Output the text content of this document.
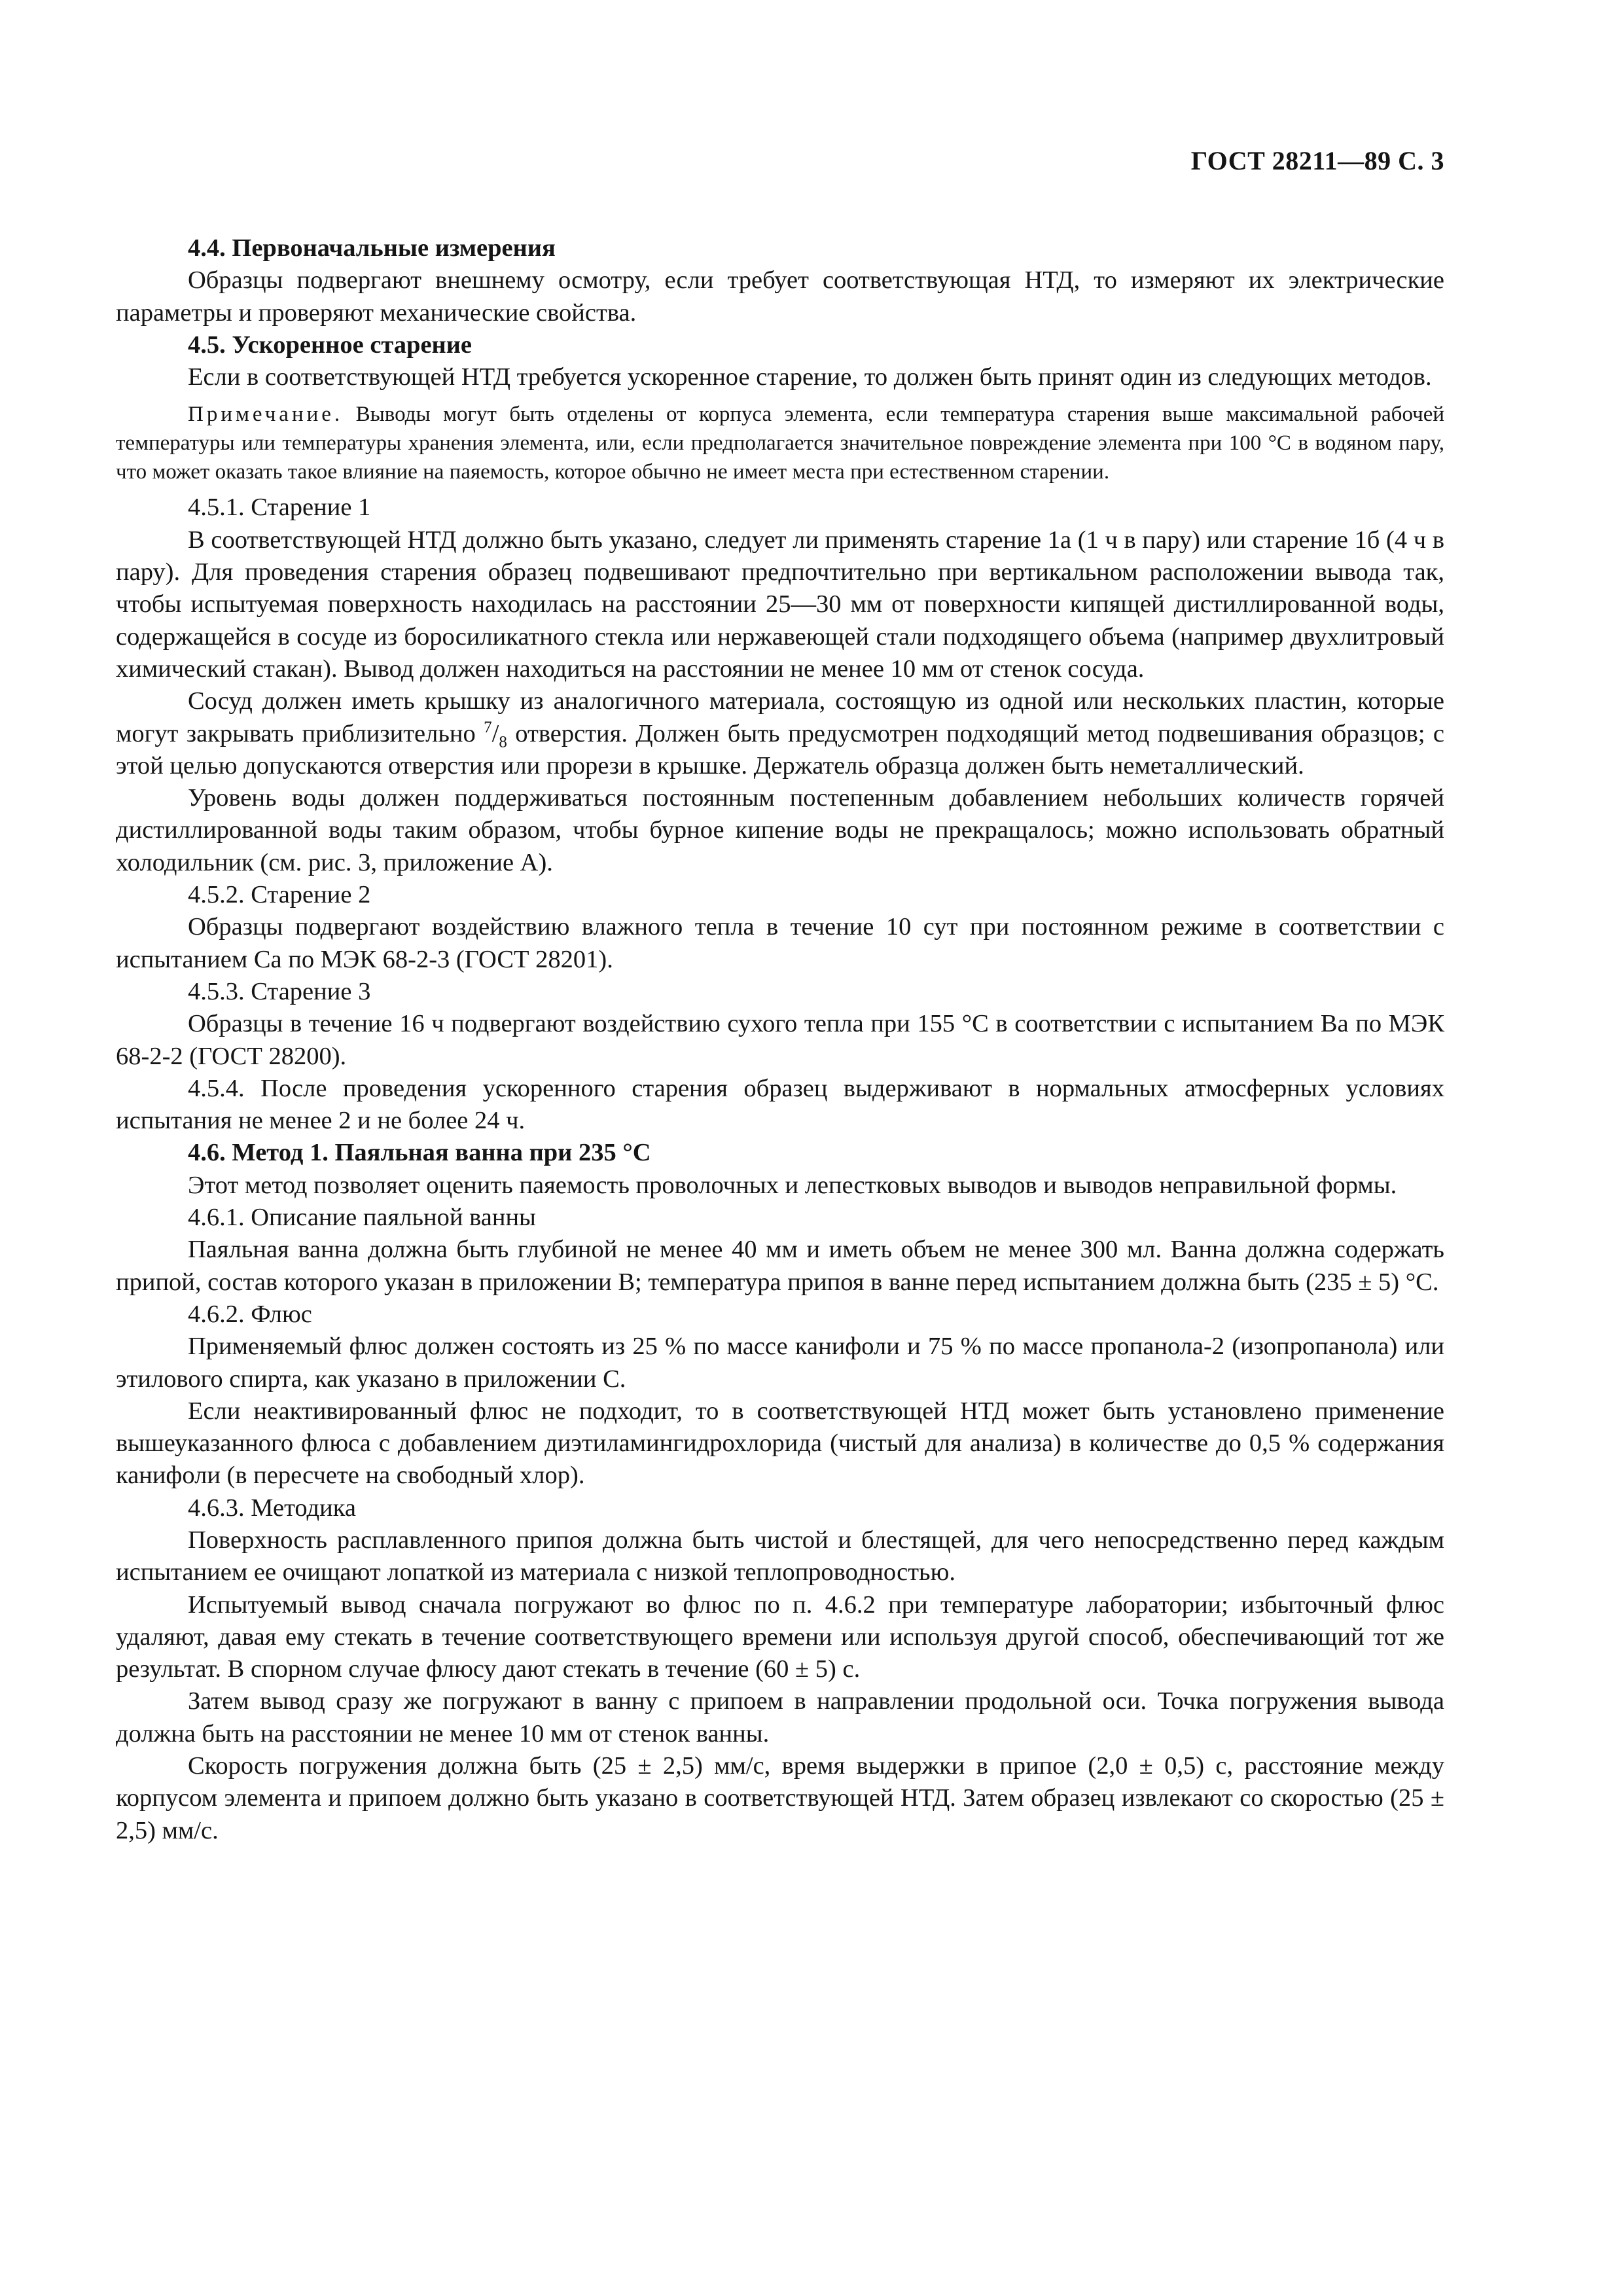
ГОСТ 28211—89 С. 3

4.4. Первоначальные измерения

Образцы подвергают внешнему осмотру, если требует соответствующая НТД, то измеряют их электрические параметры и проверяют механические свойства.

4.5. Ускоренное старение

Если в соответствующей НТД требуется ускоренное старение, то должен быть принят один из следующих методов.

Примечание. Выводы могут быть отделены от корпуса элемента, если температура старения выше максимальной рабочей температуры или температуры хранения элемента, или, если предполагается значительное повреждение элемента при 100 °С в водяном пару, что может оказать такое влияние на паяемость, которое обычно не имеет места при естественном старении.

4.5.1. Старение 1

В соответствующей НТД должно быть указано, следует ли применять старение 1а (1 ч в пару) или старение 1б (4 ч в пару). Для проведения старения образец подвешивают предпочтительно при вертикальном расположении вывода так, чтобы испытуемая поверхность находилась на расстоянии 25—30 мм от поверхности кипящей дистиллированной воды, содержащейся в сосуде из боросиликатного стекла или нержавеющей стали подходящего объема (например двухлитровый химический стакан). Вывод должен находиться на расстоянии не менее 10 мм от стенок сосуда.

Сосуд должен иметь крышку из аналогичного материала, состоящую из одной или нескольких пластин, которые могут закрывать приблизительно $^7/_8$ отверстия. Должен быть предусмотрен подходящий метод подвешивания образцов; с этой целью допускаются отверстия или прорези в крышке. Держатель образца должен быть неметаллический.

Уровень воды должен поддерживаться постоянным постепенным добавлением небольших количеств горячей дистиллированной воды таким образом, чтобы бурное кипение воды не прекращалось; можно использовать обратный холодильник (см. рис. 3, приложение А).

4.5.2. Старение 2

Образцы подвергают воздействию влажного тепла в течение 10 сут при постоянном режиме в соответствии с испытанием Са по МЭК 68-2-3 (ГОСТ 28201).

4.5.3. Старение 3

Образцы в течение 16 ч подвергают воздействию сухого тепла при 155 °С в соответствии с испытанием Ва по МЭК 68-2-2 (ГОСТ 28200).

4.5.4. После проведения ускоренного старения образец выдерживают в нормальных атмосферных условиях испытания не менее 2 и не более 24 ч.

4.6. Метод 1. Паяльная ванна при 235 °С

Этот метод позволяет оценить паяемость проволочных и лепестковых выводов и выводов неправильной формы.

4.6.1. Описание паяльной ванны

Паяльная ванна должна быть глубиной не менее 40 мм и иметь объем не менее 300 мл. Ванна должна содержать припой, состав которого указан в приложении В; температура припоя в ванне перед испытанием должна быть (235 ± 5) °С.

4.6.2. Флюс

Применяемый флюс должен состоять из 25 % по массе канифоли и 75 % по массе пропанола-2 (изопропанола) или этилового спирта, как указано в приложении С.

Если неактивированный флюс не подходит, то в соответствующей НТД может быть установлено применение вышеуказанного флюса с добавлением диэтиламингидрохлорида (чистый для анализа) в количестве до 0,5 % содержания канифоли (в пересчете на свободный хлор).

4.6.3. Методика

Поверхность расплавленного припоя должна быть чистой и блестящей, для чего непосредственно перед каждым испытанием ее очищают лопаткой из материала с низкой теплопроводностью.

Испытуемый вывод сначала погружают во флюс по п. 4.6.2 при температуре лаборатории; избыточный флюс удаляют, давая ему стекать в течение соответствующего времени или используя другой способ, обеспечивающий тот же результат. В спорном случае флюсу дают стекать в течение (60 ± 5) с.

Затем вывод сразу же погружают в ванну с припоем в направлении продольной оси. Точка погружения вывода должна быть на расстоянии не менее 10 мм от стенок ванны.

Скорость погружения должна быть (25 ± 2,5) мм/с, время выдержки в припое (2,0 ± 0,5) с, расстояние между корпусом элемента и припоем должно быть указано в соответствующей НТД. Затем образец извлекают со скоростью (25 ± 2,5) мм/с.
